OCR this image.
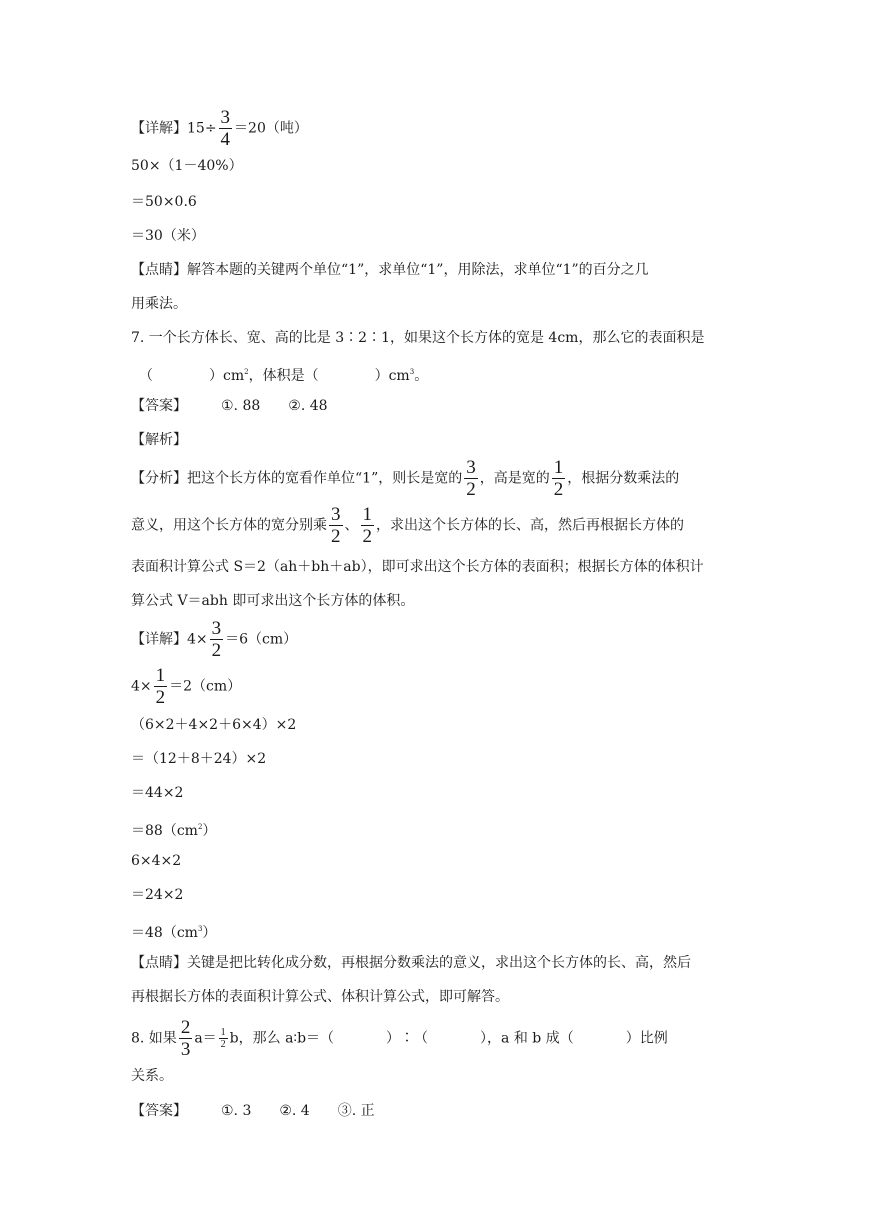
【详解】$15\div \frac{3}{4} =20$（吨）
50×（1－40%）
＝50×0.6
＝30（米）
【点睛】解答本题的关键两个单位“1”，求单位“1”，用除法，求单位“1”的百分之几
用乘法。
7. 一个长方体长、宽、高的比是 3∶2∶1，如果这个长方体的宽是 4cm，那么它的表面积是
（	）$cm^2$，体积是（	）$cm^3$。
【答案】 ①. 88 ②. 48
【解析】
【分析】把这个长方体的宽看作单位“1”，则长是宽的 $\frac{3}{2}$ ，高是宽的 $\frac{1}{2}$ ，根据分数乘法的
意义，用这个长方体的宽分别乘 $\frac{3}{2}$ 、 $\frac{1}{2}$ ，求出这个长方体的长、高，然后再根据长方体的
表面积计算公式 S＝2（ah＋bh＋ab），即可求出这个长方体的表面积；根据长方体的体积计
算公式 V＝abh 即可求出这个长方体的体积。
【详解】$4\times \frac{3}{2} =6(cm)$
$4\times \frac{1}{2} =2(cm)$
（6×2＋4×2＋6×4）×2
＝（12＋8＋24）×2
＝44×2
$=88(cm^2)$
6×4×2
＝24×2
$=48(cm^3)$
【点睛】关键是把比转化成分数，再根据分数乘法的意义，求出这个长方体的长、高，然后
再根据长方体的表面积计算公式、体积计算公式，即可解答。
8. 如果 $\frac{2}{3} a= \frac{1}{2}$ b，那么 a∶b＝（	）∶（	），a 和 b 成（	）比例
关系。
【答案】 ①. 3 ②. 4 ③. 正
